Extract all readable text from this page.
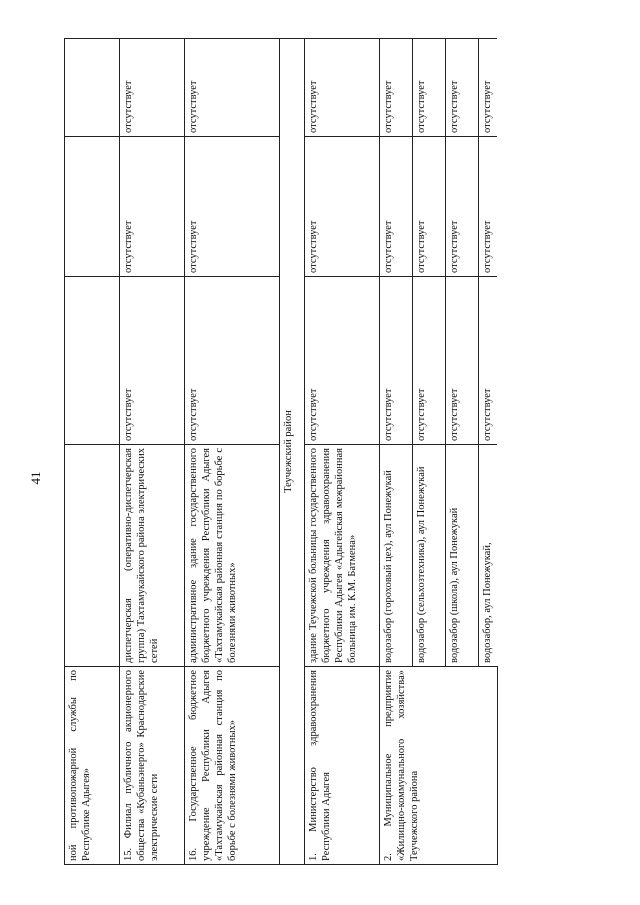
41
ной противопожарной службы по Республике Адыгея»				
15. Филиал публичного акционерного общества «Кубаньэнерго» Краснодарские электрические сети	диспетчерская (оперативно-диспетчерская группа) Тахтамукайского района электрических сетей	отсутствует	отсутствует	отсутствует
16. Государственное бюджетное учреждение Республики Адыгея «Тахтамукайская районная станция по борьбе с болезнями животных»	административное здание государственного бюджетного учреждения Республики Адыгея «Тахтамукайская районная станция по борьбе с болезнями животных»	отсутствует	отсутствует	отсутствует
Теучежский район				
1. Министерство здравоохранения Республики Адыгея	здание Теучежской больницы государственного бюджетного учреждения здравоохранения Республики Адыгея «Адыгейская межрайонная больница им. К.М. Батмена»	отсутствует	отсутствует	отсутствует
2. Муниципальное предприятие «Жилищно-коммунального хозяйства» Теучежского района	водозабор (гороховый цех), аул Понежукай	отсутствует	отсутствует	отсутствует
	водозабор (сельхозтехника), аул Понежукай	отсутствует	отсутствует	отсутствует
	водозабор (школа), аул Понежукай	отсутствует	отсутствует	отсутствует
	водозабор, аул Понежукай,	отсутствует	отсутствует	отсутствует
